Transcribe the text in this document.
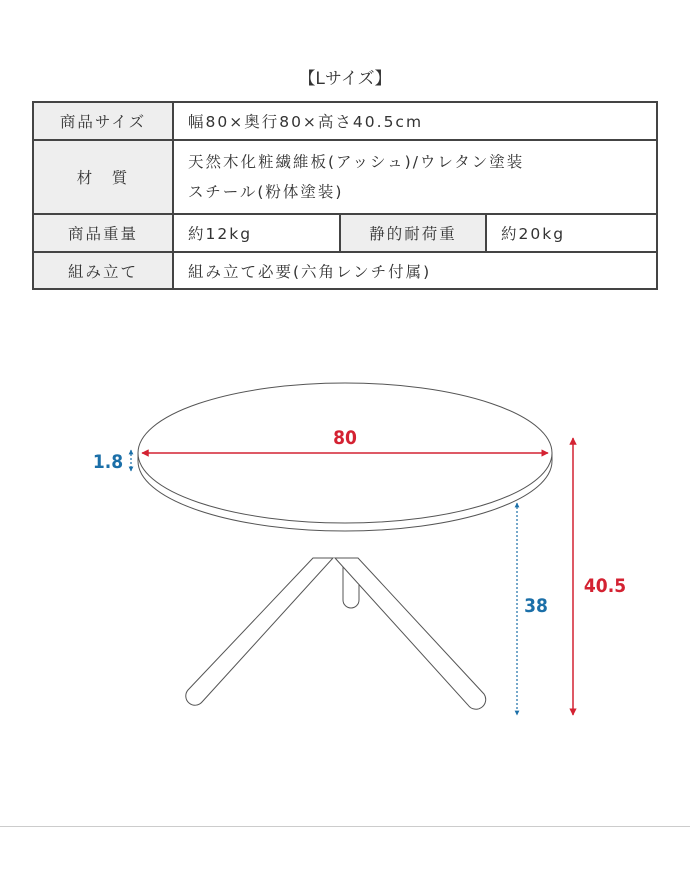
【Lサイズ】
商品サイズ	幅80×奥行80×高さ40.5cm		
材　質	天然木化粧繊維板(アッシュ)/ウレタン塗装
スチール(粉体塗装)		

商品重量	約12kg	静的耐荷重	約20kg
組み立て	組み立て必要(六角レンチ付属)		
80
1.8
38
40.5
